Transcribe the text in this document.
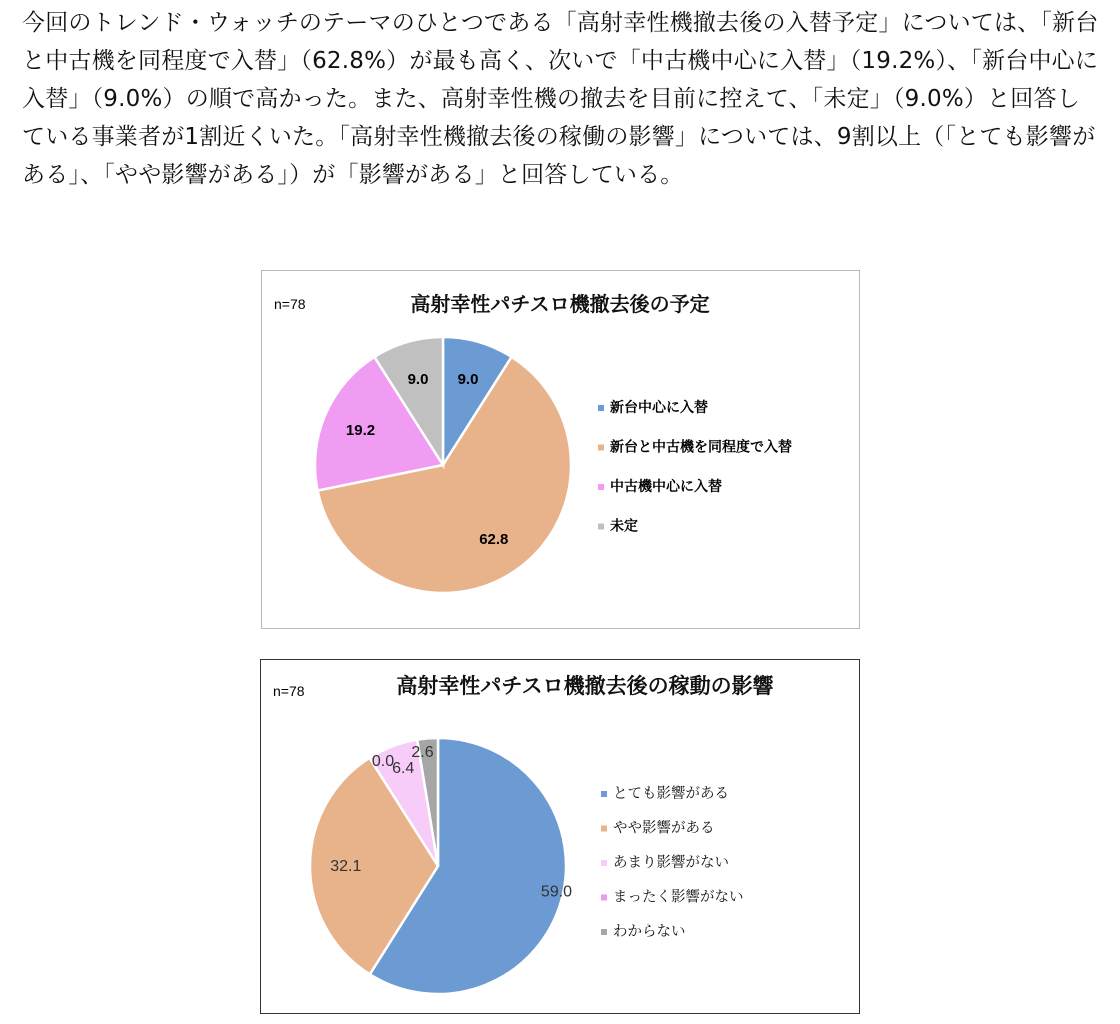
今回のトレンド・ウォッチのテーマのひとつである「高射幸性機撤去後の入替予定」については、「新台と中古機を同程度で入替」（62.8%）が最も高く、次いで「中古機中心に入替」（19.2%）、「新台中心に入替」（9.0%）の順で高かった。また、高射幸性機の撤去を目前に控えて、「未定」（9.0%）と回答している事業者が1割近くいた。「高射幸性機撤去後の稼働の影響」については、9割以上（「とても影響がある」、「やや影響がある」）が「影響がある」と回答している。

n=78	高射幸性パチスロ機撤去後の予定
9.0
62.8
19.2
9.0
新台中心に入替
新台と中古機を同程度で入替
中古機中心に入替
未定
n=78	高射幸性パチスロ機撤去後の稼動の影響
59.0
32.1
6.4
0.0
2.6
とても影響がある
やや影響がある
あまり影響がない
まったく影響がない
わからない
